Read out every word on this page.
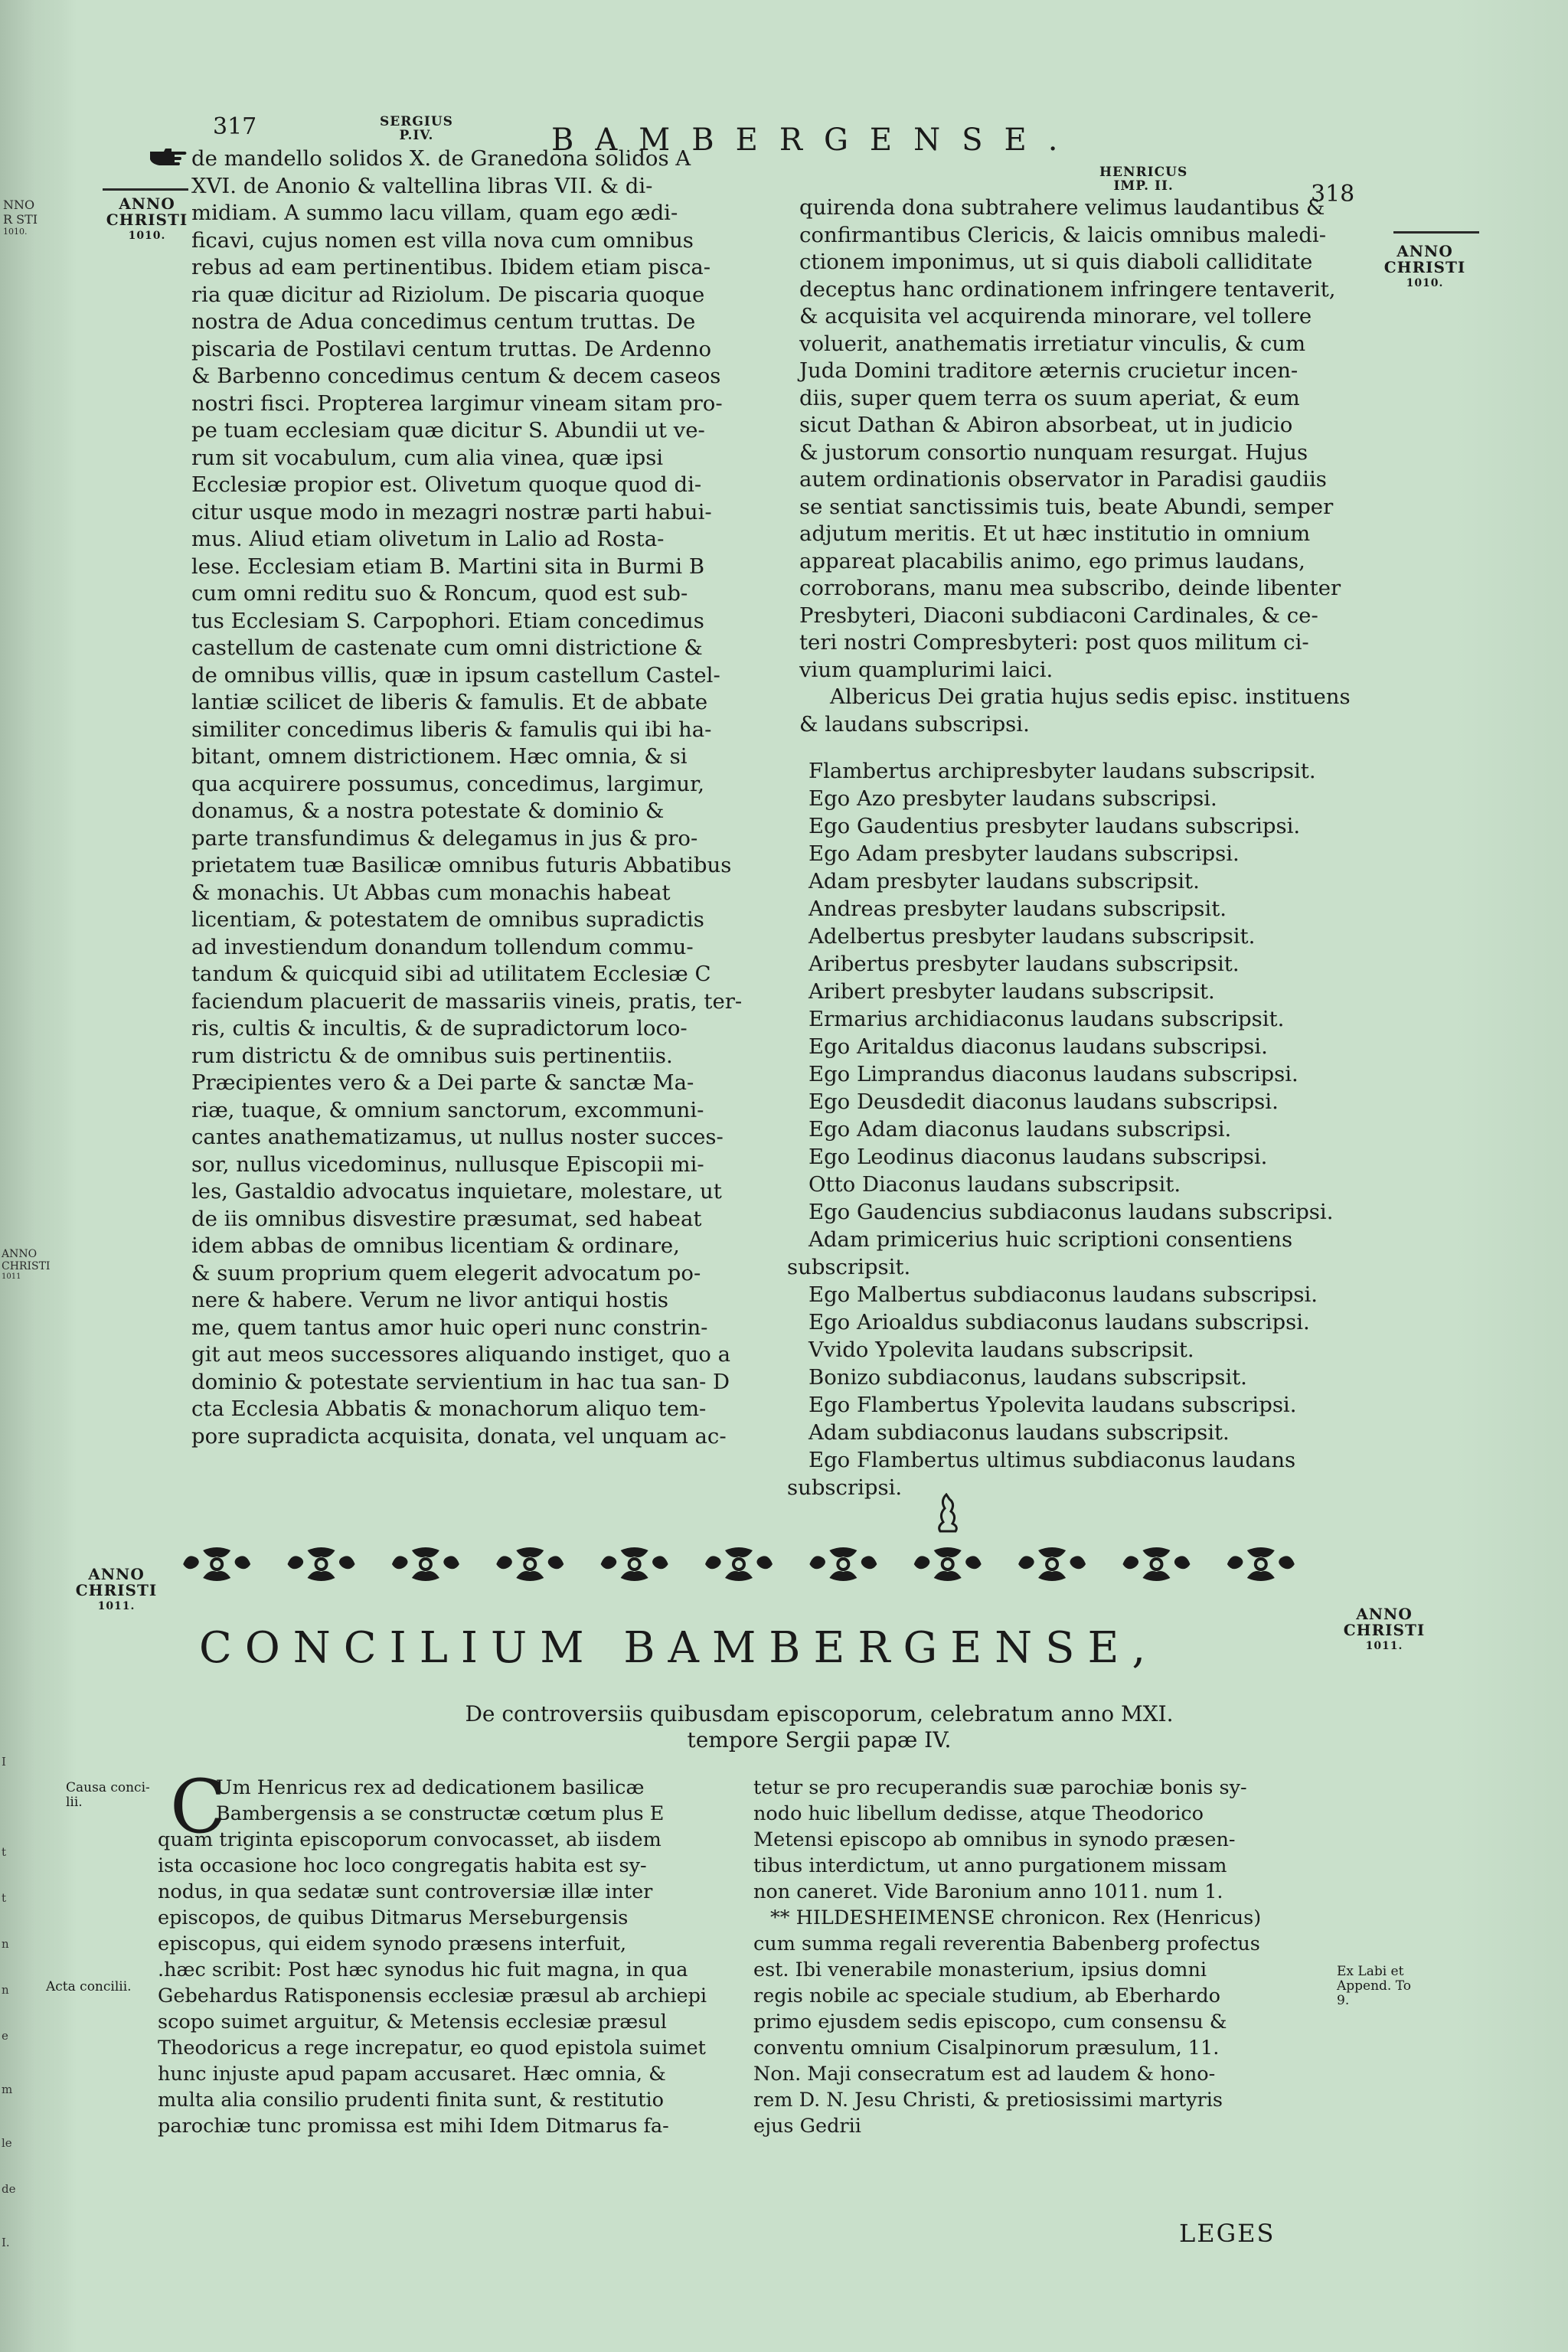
NNO
R STI
1010.
ANNO
CHRISTI
1011
I
t
t
n
n
e
m
le
de
I.
317	SERGIUS
P.IV.	BAMBERGENSE.
HENRICUS
IMP. II.	318
ANNO
CHRISTI
1010.
ANNO
CHRISTI
1010.
de mandello solidos X. de Granedona solidos A
XVI. de Anonio & valtellina libras VII. & di-
midiam. A summo lacu villam, quam ego ædi-
ficavi, cujus nomen est villa nova cum omnibus
rebus ad eam pertinentibus. Ibidem etiam pisca-
ria quæ dicitur ad Riziolum. De piscaria quoque
nostra de Adua concedimus centum truttas. De
piscaria de Postilavi centum truttas. De Ardenno
& Barbenno concedimus centum & decem caseos
nostri fisci. Propterea largimur vineam sitam pro-
pe tuam ecclesiam quæ dicitur S. Abundii ut ve-
rum sit vocabulum, cum alia vinea, quæ ipsi
Ecclesiæ propior est. Olivetum quoque quod di-
citur usque modo in mezagri nostræ parti habui-
mus. Aliud etiam olivetum in Lalio ad Rosta-
lese. Ecclesiam etiam B. Martini sita in Burmi B
cum omni reditu suo & Roncum, quod est sub-
tus Ecclesiam S. Carpophori. Etiam concedimus
castellum de castenate cum omni districtione &
de omnibus villis, quæ in ipsum castellum Castel-
lantiæ scilicet de liberis & famulis. Et de abbate
similiter concedimus liberis & famulis qui ibi ha-
bitant, omnem districtionem. Hæc omnia, & si
qua acquirere possumus, concedimus, largimur,
donamus, & a nostra potestate & dominio &
parte transfundimus & delegamus in jus & pro-
prietatem tuæ Basilicæ omnibus futuris Abbatibus
& monachis. Ut Abbas cum monachis habeat
licentiam, & potestatem de omnibus supradictis
ad investiendum donandum tollendum commu-
tandum & quicquid sibi ad utilitatem Ecclesiæ C
faciendum placuerit de massariis vineis, pratis, ter-
ris, cultis & incultis, & de supradictorum loco-
rum districtu & de omnibus suis pertinentiis.
Præcipientes vero & a Dei parte & sanctæ Ma-
riæ, tuaque, & omnium sanctorum, excommuni-
cantes anathematizamus, ut nullus noster succes-
sor, nullus vicedominus, nullusque Episcopii mi-
les, Gastaldio advocatus inquietare, molestare, ut
de iis omnibus disvestire præsumat, sed habeat
idem abbas de omnibus licentiam & ordinare,
& suum proprium quem elegerit advocatum po-
nere & habere. Verum ne livor antiqui hostis
me, quem tantus amor huic operi nunc constrin-
git aut meos successores aliquando instiget, quo a
dominio & potestate servientium in hac tua san- D
cta Ecclesia Abbatis & monachorum aliquo tem-
pore supradicta acquisita, donata, vel unquam ac-
quirenda dona subtrahere velimus laudantibus &
confirmantibus Clericis, & laicis omnibus maledi-
ctionem imponimus, ut si quis diaboli calliditate
deceptus hanc ordinationem infringere tentaverit,
& acquisita vel acquirenda minorare, vel tollere
voluerit, anathematis irretiatur vinculis, & cum
Juda Domini traditore æternis crucietur incen-
diis, super quem terra os suum aperiat, & eum
sicut Dathan & Abiron absorbeat, ut in judicio
& justorum consortio nunquam resurgat. Hujus
autem ordinationis observator in Paradisi gaudiis
se sentiat sanctissimis tuis, beate Abundi, semper
adjutum meritis. Et ut hæc institutio in omnium
appareat placabilis animo, ego primus laudans,
corroborans, manu mea subscribo, deinde libenter
Presbyteri, Diaconi subdiaconi Cardinales, & ce-
teri nostri Compresbyteri: post quos militum ci-
vium quamplurimi laici.
Albericus Dei gratia hujus sedis episc. instituens
& laudans subscripsi.
Flambertus archipresbyter laudans subscripsit.
Ego Azo presbyter laudans subscripsi.
Ego Gaudentius presbyter laudans subscripsi.
Ego Adam presbyter laudans subscripsi.
Adam presbyter laudans subscripsit.
Andreas presbyter laudans subscripsit.
Adelbertus presbyter laudans subscripsit.
Aribertus presbyter laudans subscripsit.
Aribert presbyter laudans subscripsit.
Ermarius archidiaconus laudans subscripsit.
Ego Aritaldus diaconus laudans subscripsi.
Ego Limprandus diaconus laudans subscripsi.
Ego Deusdedit diaconus laudans subscripsi.
Ego Adam diaconus laudans subscripsi.
Ego Leodinus diaconus laudans subscripsi.
Otto Diaconus laudans subscripsit.
Ego Gaudencius subdiaconus laudans subscripsi.
Adam primicerius huic scriptioni consentiens
subscripsit.
Ego Malbertus subdiaconus laudans subscripsi.
Ego Arioaldus subdiaconus laudans subscripsi.
Vvido Ypolevita laudans subscripsit.
Bonizo subdiaconus, laudans subscripsit.
Ego Flambertus Ypolevita laudans subscripsi.
Adam subdiaconus laudans subscripsit.
Ego Flambertus ultimus subdiaconus laudans
subscripsi.
ANNO
CHRISTI
1011.	ANNO
CHRISTI
1011.
CONCILIUM BAMBERGENSE,
De controversiis quibusdam episcoporum, celebratum anno MXI.
tempore Sergii papæ IV.
Causa conci-
lii.
Acta concilii.
Ex Labi et
Append. To
9.
C
Um Henricus rex ad dedicationem basilicæ
Bambergensis a se constructæ cœtum plus E
quam triginta episcoporum convocasset, ab iisdem
ista occasione hoc loco congregatis habita est sy-
nodus, in qua sedatæ sunt controversiæ illæ inter
episcopos, de quibus Ditmarus Merseburgensis
episcopus, qui eidem synodo præsens interfuit,
.hæc scribit: Post hæc synodus hic fuit magna, in qua
Gebehardus Ratisponensis ecclesiæ præsul ab archiepi
scopo suimet arguitur, & Metensis ecclesiæ præsul
Theodoricus a rege increpatur, eo quod epistola suimet
hunc injuste apud papam accusaret. Hæc omnia, &
multa alia consilio prudenti finita sunt, & restitutio
parochiæ tunc promissa est mihi Idem Ditmarus fa-
tetur se pro recuperandis suæ parochiæ bonis sy-
nodo huic libellum dedisse, atque Theodorico
Metensi episcopo ab omnibus in synodo præsen-
tibus interdictum, ut anno purgationem missam
non caneret. Vide Baronium anno 1011. num 1.
** HILDESHEIMENSE chronicon. Rex (Henricus)
cum summa regali reverentia Babenberg profectus
est. Ibi venerabile monasterium, ipsius domni
regis nobile ac speciale studium, ab Eberhardo
primo ejusdem sedis episcopo, cum consensu &
conventu omnium Cisalpinorum præsulum, 11.
Non. Maji consecratum est ad laudem & hono-
rem D. N. Jesu Christi, & pretiosissimi martyris
ejus Gedrii
LEGES
